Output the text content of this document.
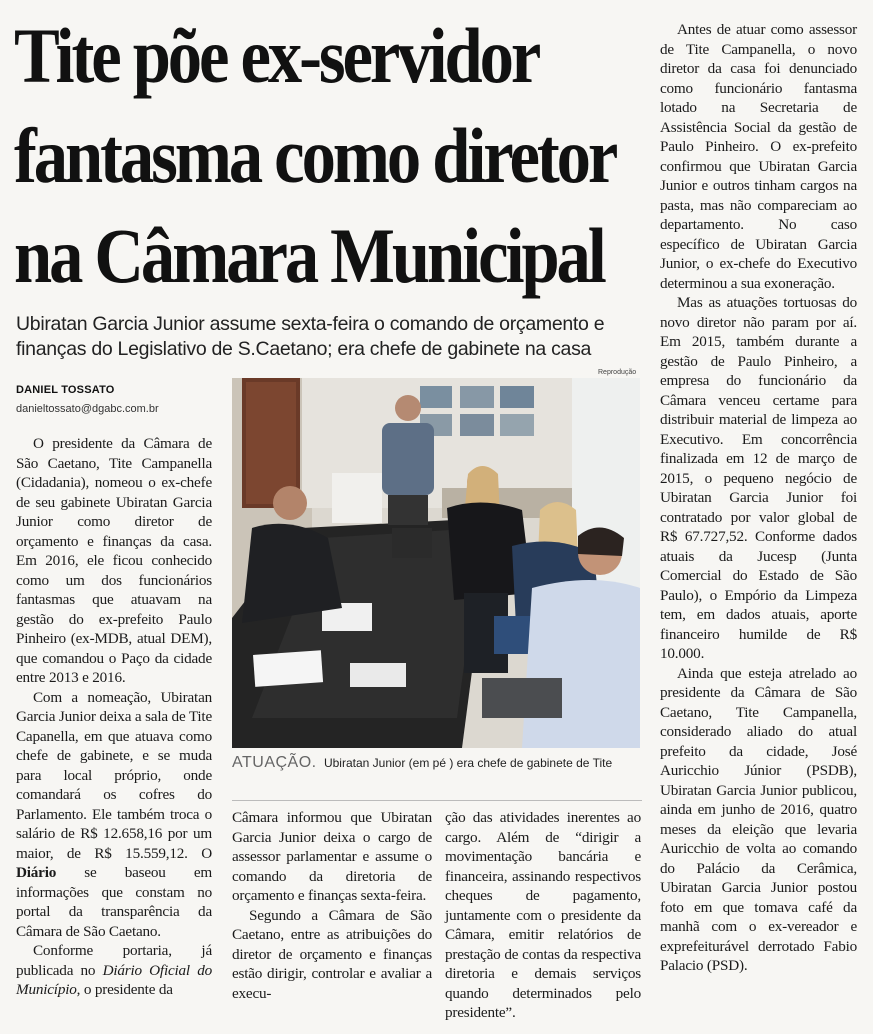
Tite põe ex-servidor
fantasma como diretor
na Câmara Municipal
Ubiratan Garcia Junior assume sexta-feira o comando de orçamento e finanças do Legislativo de S.Caetano; era chefe de gabinete na casa
DANIEL TOSSATO
danieltossato@dgabc.com.br
Reprodução
ATUAÇÃO. Ubiratan Junior (em pé ) era chefe de gabinete de Tite

O presidente da Câmara de São Caetano, Tite Campanella (Cidadania), nomeou o ex-chefe de seu gabinete Ubiratan Garcia Junior como diretor de orçamento e finanças da casa. Em 2016, ele ficou conhecido como um dos funcionários fantasmas que atuavam na gestão do ex-prefeito Paulo Pinheiro (ex-MDB, atual DEM), que comandou o Paço da cidade entre 2013 e 2016.

Com a nomeação, Ubiratan Garcia Junior deixa a sala de Tite Capanella, em que atuava como chefe de gabinete, e se muda para local próprio, onde comandará os cofres do Parlamento. Ele também troca o salário de R$ 12.658,16 por um maior, de R$ 15.559,12. O Diário se baseou em informações que constam no portal da transparência da Câmara de São Caetano.

Conforme portaria, já publicada no Diário Oficial do Município, o presidente da

Câmara informou que Ubiratan Garcia Junior deixa o cargo de assessor parlamentar e assume o comando da diretoria de orçamento e finanças sexta-feira.

Segundo a Câmara de São Caetano, entre as atribuições do diretor de orçamento e finanças estão dirigir, controlar e avaliar a execu-

ção das atividades inerentes ao cargo. Além de “dirigir a movimentação bancária e financeira, assinando respectivos cheques de pagamento, juntamente com o presidente da Câmara, emitir relatórios de prestação de contas da respectiva diretoria e demais serviços quando determinados pelo presidente”.

Antes de atuar como assessor de Tite Campanella, o novo diretor da casa foi denunciado como funcionário fantasma lotado na Secretaria de Assistência Social da gestão de Paulo Pinheiro. O ex-prefeito confirmou que Ubiratan Garcia Junior e outros tinham cargos na pasta, mas não compareciam ao departamento. No caso específico de Ubiratan Garcia Junior, o ex-chefe do Executivo determinou a sua exoneração.

Mas as atuações tortuosas do novo diretor não param por aí. Em 2015, também durante a gestão de Paulo Pinheiro, a empresa do funcionário da Câmara venceu certame para distribuir material de limpeza ao Executivo. Em concorrência finalizada em 12 de março de 2015, o pequeno negócio de Ubiratan Garcia Junior foi contratado por valor global de R$ 67.727,52. Conforme dados atuais da Jucesp (Junta Comercial do Estado de São Paulo), o Empório da Limpeza tem, em dados atuais, aporte financeiro humilde de R$ 10.000.

Ainda que esteja atrelado ao presidente da Câmara de São Caetano, Tite Campanella, considerado aliado do atual prefeito da cidade, José Auricchio Júnior (PSDB), Ubiratan Garcia Junior publicou, ainda em junho de 2016, quatro meses da eleição que levaria Auricchio de volta ao comando do Palácio da Cerâmica, Ubiratan Garcia Junior postou foto em que tomava café da manhã com o ex-vereador e exprefeiturável derrotado Fabio Palacio (PSD).
